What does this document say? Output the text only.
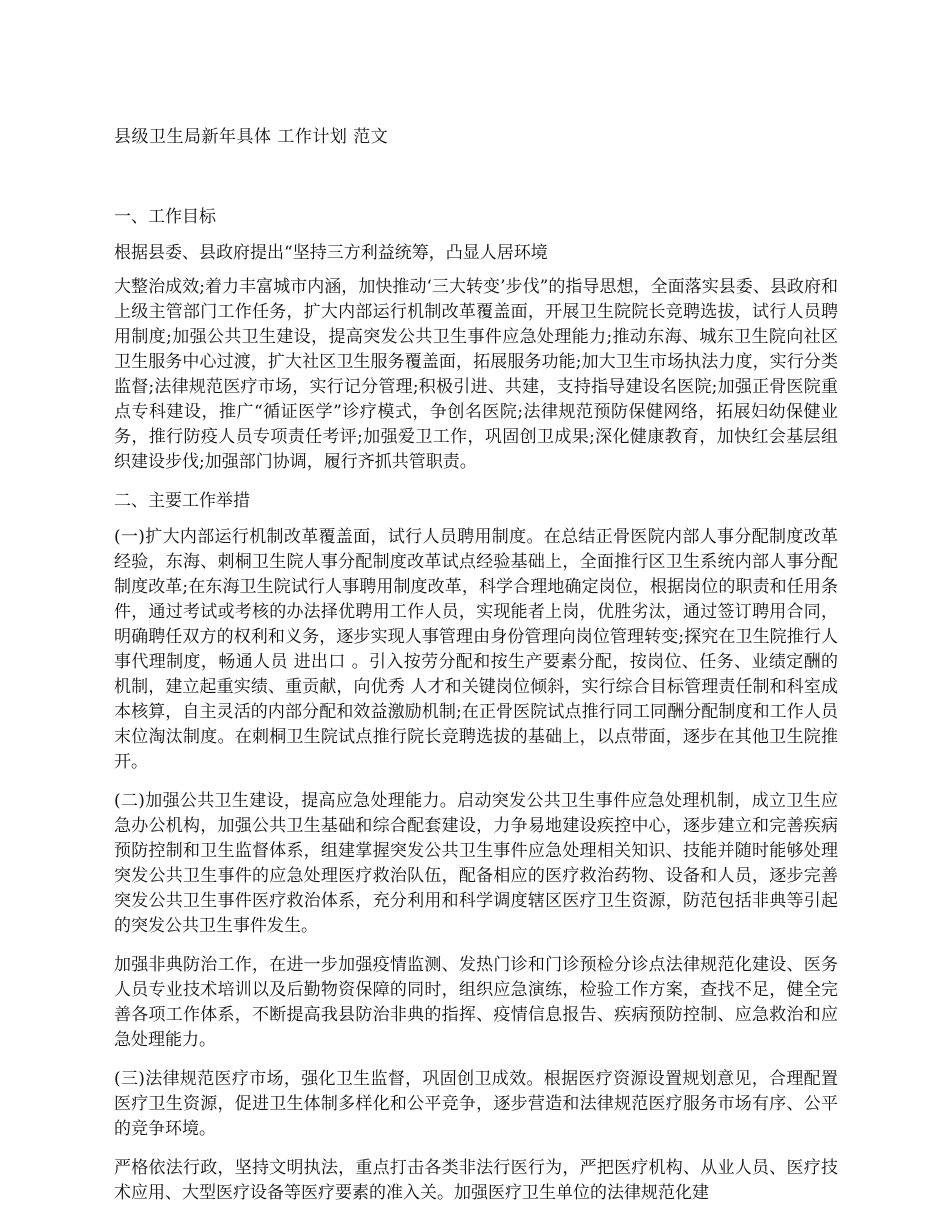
县级卫生局新年具体 工作计划 范文
一、工作目标

根据县委、县政府提出“坚持三方利益统筹，凸显人居环境

大整治成效;着力丰富城市内涵，加快推动‘三大转变’步伐”的指导思想，全面落实县委、县政府和上级主管部门工作任务，扩大内部运行机制改革覆盖面，开展卫生院院长竞聘选拔，试行人员聘用制度;加强公共卫生建设，提高突发公共卫生事件应急处理能力;推动东海、城东卫生院向社区卫生服务中心过渡，扩大社区卫生服务覆盖面，拓展服务功能;加大卫生市场执法力度，实行分类监督;法律规范医疗市场，实行记分管理;积极引进、共建，支持指导建设名医院;加强正骨医院重点专科建设，推广“循证医学”诊疗模式，争创名医院;法律规范预防保健网络，拓展妇幼保健业务，推行防疫人员专项责任考评;加强爱卫工作，巩固创卫成果;深化健康教育，加快红会基层组织建设步伐;加强部门协调，履行齐抓共管职责。

二、主要工作举措

(一)扩大内部运行机制改革覆盖面，试行人员聘用制度。在总结正骨医院内部人事分配制度改革经验，东海、刺桐卫生院人事分配制度改革试点经验基础上，全面推行区卫生系统内部人事分配制度改革;在东海卫生院试行人事聘用制度改革，科学合理地确定岗位，根据岗位的职责和任用条件，通过考试或考核的办法择优聘用工作人员，实现能者上岗，优胜劣汰，通过签订聘用合同，明确聘任双方的权利和义务，逐步实现人事管理由身份管理向岗位管理转变;探究在卫生院推行人事代理制度，畅通人员 进出口 。引入按劳分配和按生产要素分配，按岗位、任务、业绩定酬的机制，建立起重实绩、重贡献，向优秀 人才和关键岗位倾斜，实行综合目标管理责任制和科室成本核算，自主灵活的内部分配和效益激励机制;在正骨医院试点推行同工同酬分配制度和工作人员末位淘汰制度。在刺桐卫生院试点推行院长竞聘选拔的基础上，以点带面，逐步在其他卫生院推开。

(二)加强公共卫生建设，提高应急处理能力。启动突发公共卫生事件应急处理机制，成立卫生应急办公机构，加强公共卫生基础和综合配套建设，力争易地建设疾控中心，逐步建立和完善疾病预防控制和卫生监督体系，组建掌握突发公共卫生事件应急处理相关知识、技能并随时能够处理突发公共卫生事件的应急处理医疗救治队伍，配备相应的医疗救治药物、设备和人员，逐步完善突发公共卫生事件医疗救治体系，充分利用和科学调度辖区医疗卫生资源，防范包括非典等引起的突发公共卫生事件发生。

加强非典防治工作，在进一步加强疫情监测、发热门诊和门诊预检分诊点法律规范化建设、医务人员专业技术培训以及后勤物资保障的同时，组织应急演练，检验工作方案，查找不足，健全完善各项工作体系，不断提高我县防治非典的指挥、疫情信息报告、疾病预防控制、应急救治和应急处理能力。

(三)法律规范医疗市场，强化卫生监督，巩固创卫成效。根据医疗资源设置规划意见，合理配置医疗卫生资源，促进卫生体制多样化和公平竞争，逐步营造和法律规范医疗服务市场有序、公平的竞争环境。

严格依法行政，坚持文明执法，重点打击各类非法行医行为，严把医疗机构、从业人员、医疗技术应用、大型医疗设备等医疗要素的准入关。加强医疗卫生单位的法律规范化建
